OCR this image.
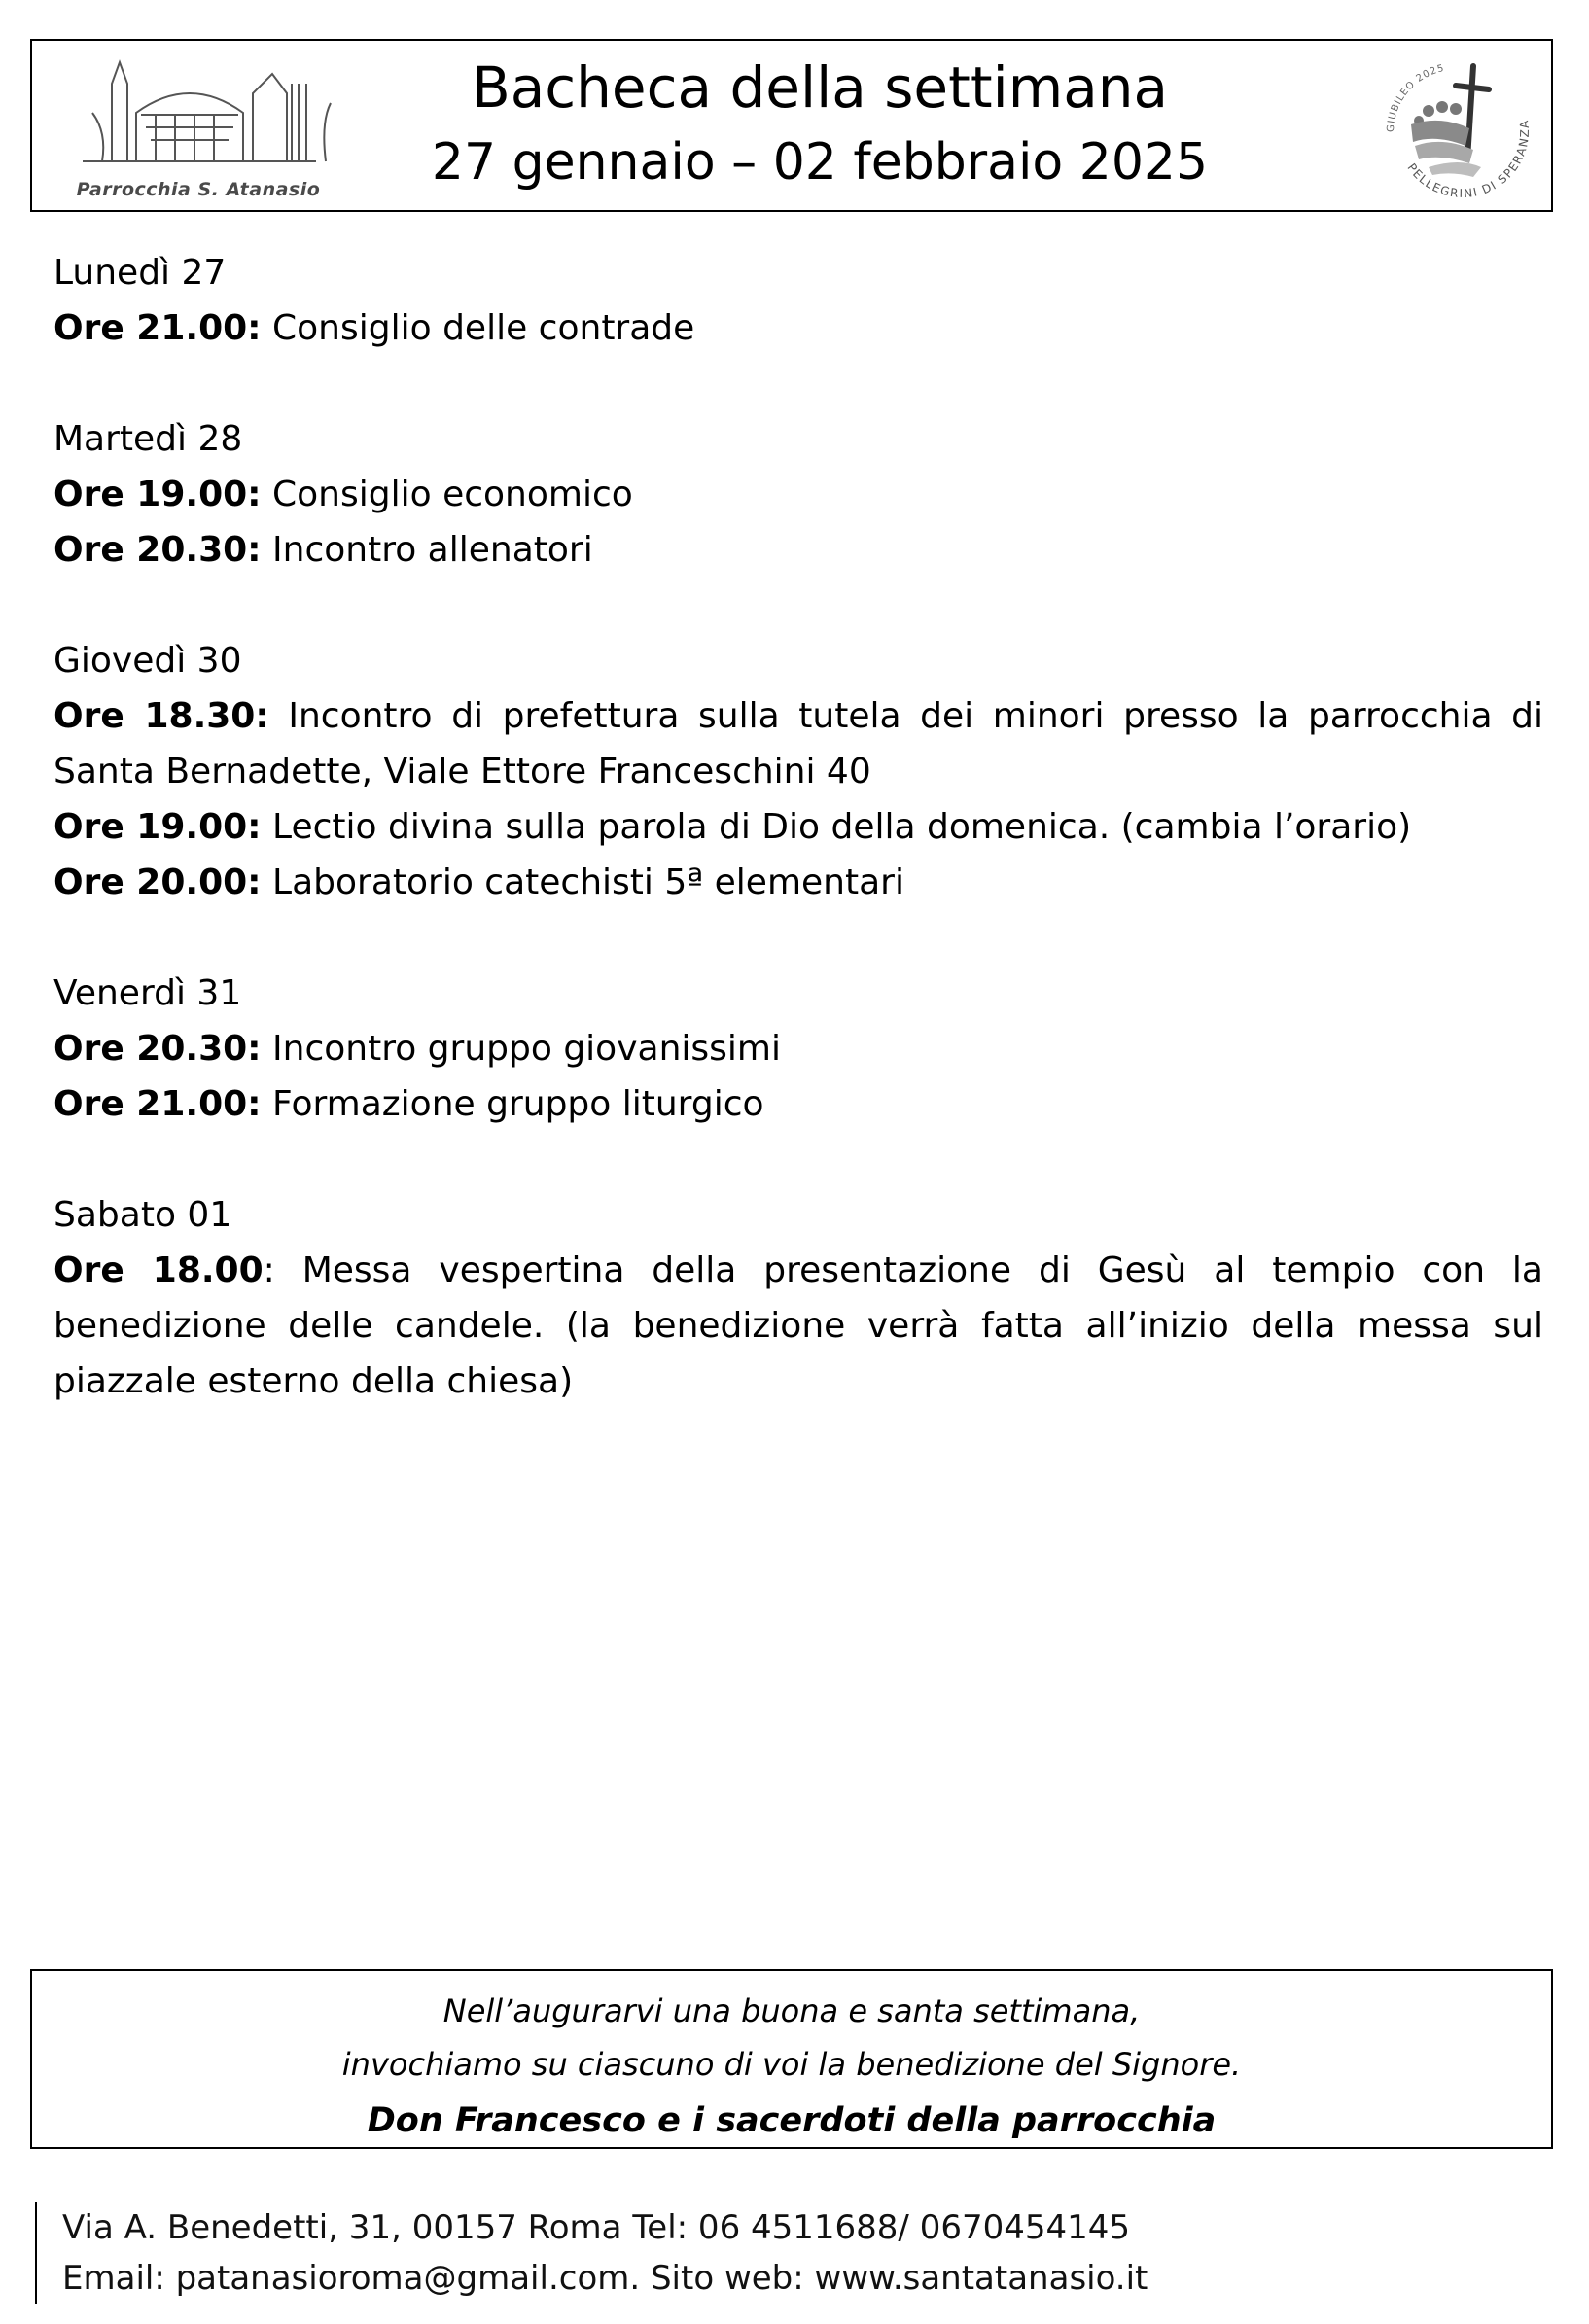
Parrocchia S. Atanasio
Bacheca della settimana
27 gennaio – 02 febbraio 2025
GIUBILEO 2025
PELLEGRINI DI SPERANZA

Lunedì 27

Ore 21.00: Consiglio delle contrade

Martedì 28

Ore 19.00: Consiglio economico

Ore 20.30: Incontro allenatori

Giovedì 30

Ore 18.30: Incontro di prefettura sulla tutela dei minori presso la parrocchia di Santa Bernadette, Viale Ettore Franceschini 40

Ore 19.00: Lectio divina sulla parola di Dio della domenica. (cambia l’orario)

Ore 20.00: Laboratorio catechisti 5ª elementari

Venerdì 31

Ore 20.30: Incontro gruppo giovanissimi

Ore 21.00: Formazione gruppo liturgico

Sabato 01

Ore 18.00: Messa vespertina della presentazione di Gesù al tempio con la benedizione delle candele. (la benedizione verrà fatta all’inizio della messa sul piazzale esterno della chiesa)

Nell’augurarvi una buona e santa settimana,

invochiamo su ciascuno di voi la benedizione del Signore.

Don Francesco e i sacerdoti della parrocchia

Via A. Benedetti, 31, 00157 Roma Tel: 06 4511688/ 0670454145
Email: patanasioroma@gmail.com. Sito web: www.santatanasio.it
